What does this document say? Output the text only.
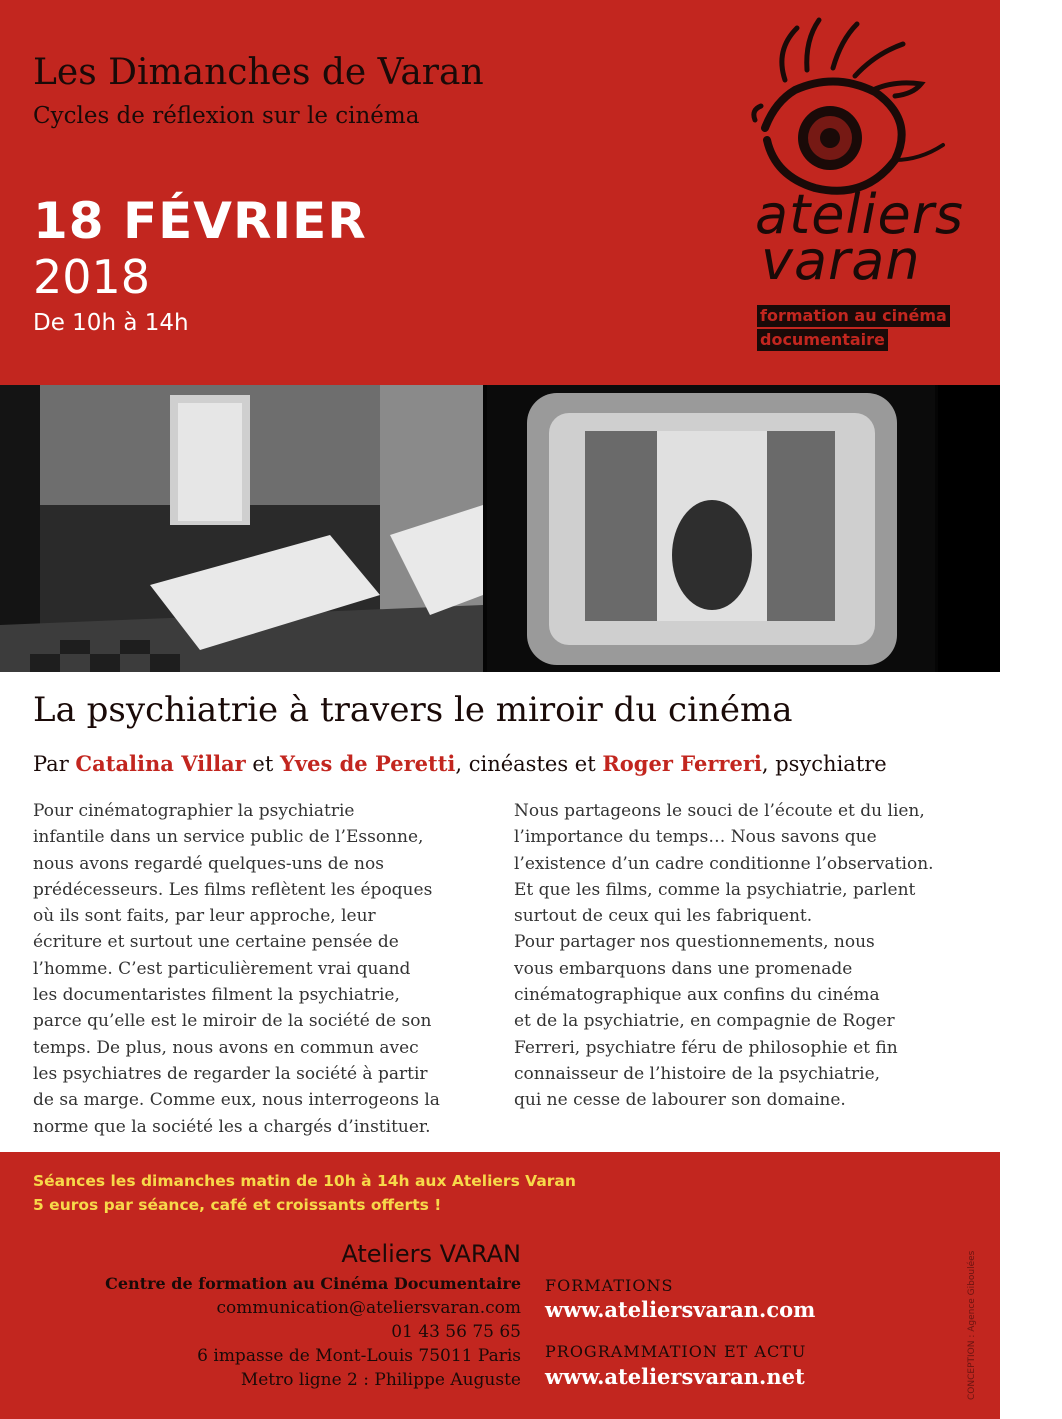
Les Dimanches de Varan
Cycles de réflexion sur le cinéma
18 FÉVRIER
2018
De 10h à 14h
ateliers
varan
formation au cinéma
documentaire
©Regard sur la folie, Mario Ruspoli (1961) et Lame de fond, Perrine Michel (2013)
La psychiatrie à travers le miroir du cinéma
Par Catalina Villar et Yves de Peretti, cinéastes et Roger Ferreri, psychiatre

Pour cinématographier la psychiatrie

infantile dans un service public de l’Essonne,

nous avons regardé quelques-uns de nos

prédécesseurs. Les films reflètent les époques

où ils sont faits, par leur approche, leur

écriture et surtout une certaine pensée de

l’homme. C’est particulièrement vrai quand

les documentaristes filment la psychiatrie,

parce qu’elle est le miroir de la société de son

temps. De plus, nous avons en commun avec

les psychiatres de regarder la société à partir

de sa marge. Comme eux, nous interrogeons la

norme que la société les a chargés d’instituer.

Nous partageons le souci de l’écoute et du lien,

l’importance du temps… Nous savons que

l’existence d’un cadre conditionne l’observation.

Et que les films, comme la psychiatrie, parlent

surtout de ceux qui les fabriquent.

Pour partager nos questionnements, nous

vous embarquons dans une promenade

cinématographique aux confins du cinéma

et de la psychiatrie, en compagnie de Roger

Ferreri, psychiatre féru de philosophie et fin

connaisseur de l’histoire de la psychiatrie,

qui ne cesse de labourer son domaine.

Séances les dimanches matin de 10h à 14h aux Ateliers Varan
5 euros par séance, café et croissants offerts !
Ateliers VARAN
Centre de formation au Cinéma Documentaire
communication@ateliersvaran.com
01 43 56 75 65
6 impasse de Mont-Louis 75011 Paris
Metro ligne 2 : Philippe Auguste
FORMATIONS
www.ateliersvaran.com
PROGRAMMATION ET ACTU
www.ateliersvaran.net	CONCEPTION : Agence Giboulées
